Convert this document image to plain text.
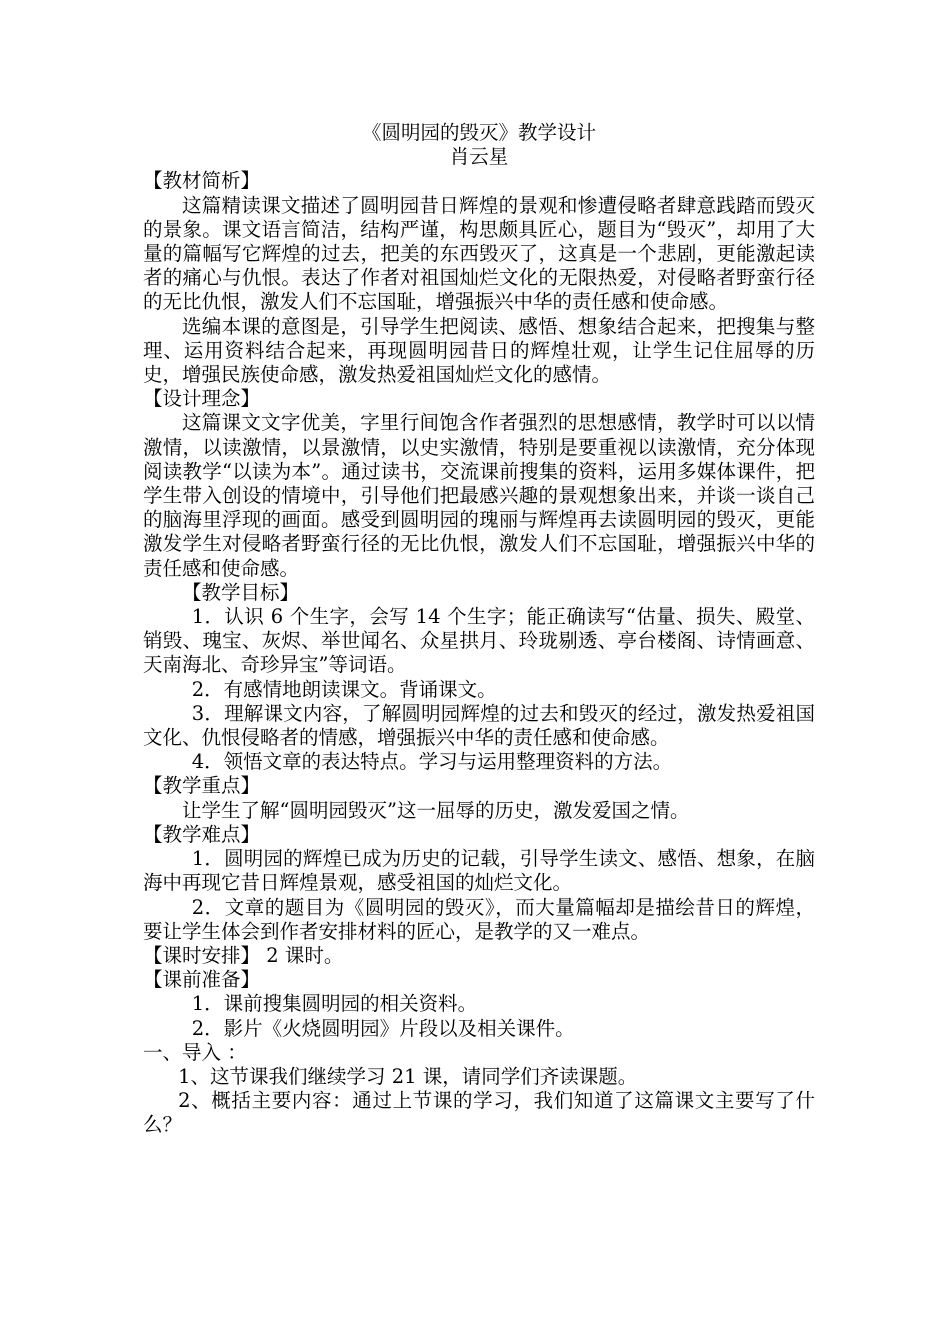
《圆明园的毁灭》教学设计

肖云星

【教材简析】

这篇精读课文描述了圆明园昔日辉煌的景观和惨遭侵略者肆意践踏而毁灭的景象。课文语言简洁，结构严谨，构思颇具匠心，题目为“毁灭”，却用了大量的篇幅写它辉煌的过去，把美的东西毁灭了，这真是一个悲剧，更能激起读者的痛心与仇恨。表达了作者对祖国灿烂文化的无限热爱，对侵略者野蛮行径的无比仇恨，激发人们不忘国耻，增强振兴中华的责任感和使命感。

选编本课的意图是，引导学生把阅读、感悟、想象结合起来，把搜集与整理、运用资料结合起来，再现圆明园昔日的辉煌壮观，让学生记住屈辱的历史，增强民族使命感，激发热爱祖国灿烂文化的感情。

【设计理念】

这篇课文文字优美，字里行间饱含作者强烈的思想感情，教学时可以以情激情，以读激情，以景激情，以史实激情，特别是要重视以读激情，充分体现阅读教学“以读为本”。通过读书，交流课前搜集的资料，运用多媒体课件，把学生带入创设的情境中，引导他们把最感兴趣的景观想象出来，并谈一谈自己的脑海里浮现的画面。感受到圆明园的瑰丽与辉煌再去读圆明园的毁灭，更能激发学生对侵略者野蛮行径的无比仇恨，激发人们不忘国耻，增强振兴中华的责任感和使命感。

【教学目标】

1．认识 6 个生字，会写 14 个生字；能正确读写“估量、损失、殿堂、销毁、瑰宝、灰烬、举世闻名、众星拱月、玲珑剔透、亭台楼阁、诗情画意、天南海北、奇珍异宝”等词语。

2．有感情地朗读课文。背诵课文。

3．理解课文内容，了解圆明园辉煌的过去和毁灭的经过，激发热爱祖国文化、仇恨侵略者的情感，增强振兴中华的责任感和使命感。

4．领悟文章的表达特点。学习与运用整理资料的方法。

【教学重点】

让学生了解“圆明园毁灭”这一屈辱的历史，激发爱国之情。

【教学难点】

1．圆明园的辉煌已成为历史的记载，引导学生读文、感悟、想象，在脑海中再现它昔日辉煌景观，感受祖国的灿烂文化。

2．文章的题目为《圆明园的毁灭》，而大量篇幅却是描绘昔日的辉煌，要让学生体会到作者安排材料的匠心，是教学的又一难点。

【课时安排】 2 课时。

【课前准备】

1．课前搜集圆明园的相关资料。

2．影片《火烧圆明园》片段以及相关课件。

一、导入 ：

1、这节课我们继续学习 21 课，请同学们齐读课题。

2、概括主要内容：通过上节课的学习，我们知道了这篇课文主要写了什么？
